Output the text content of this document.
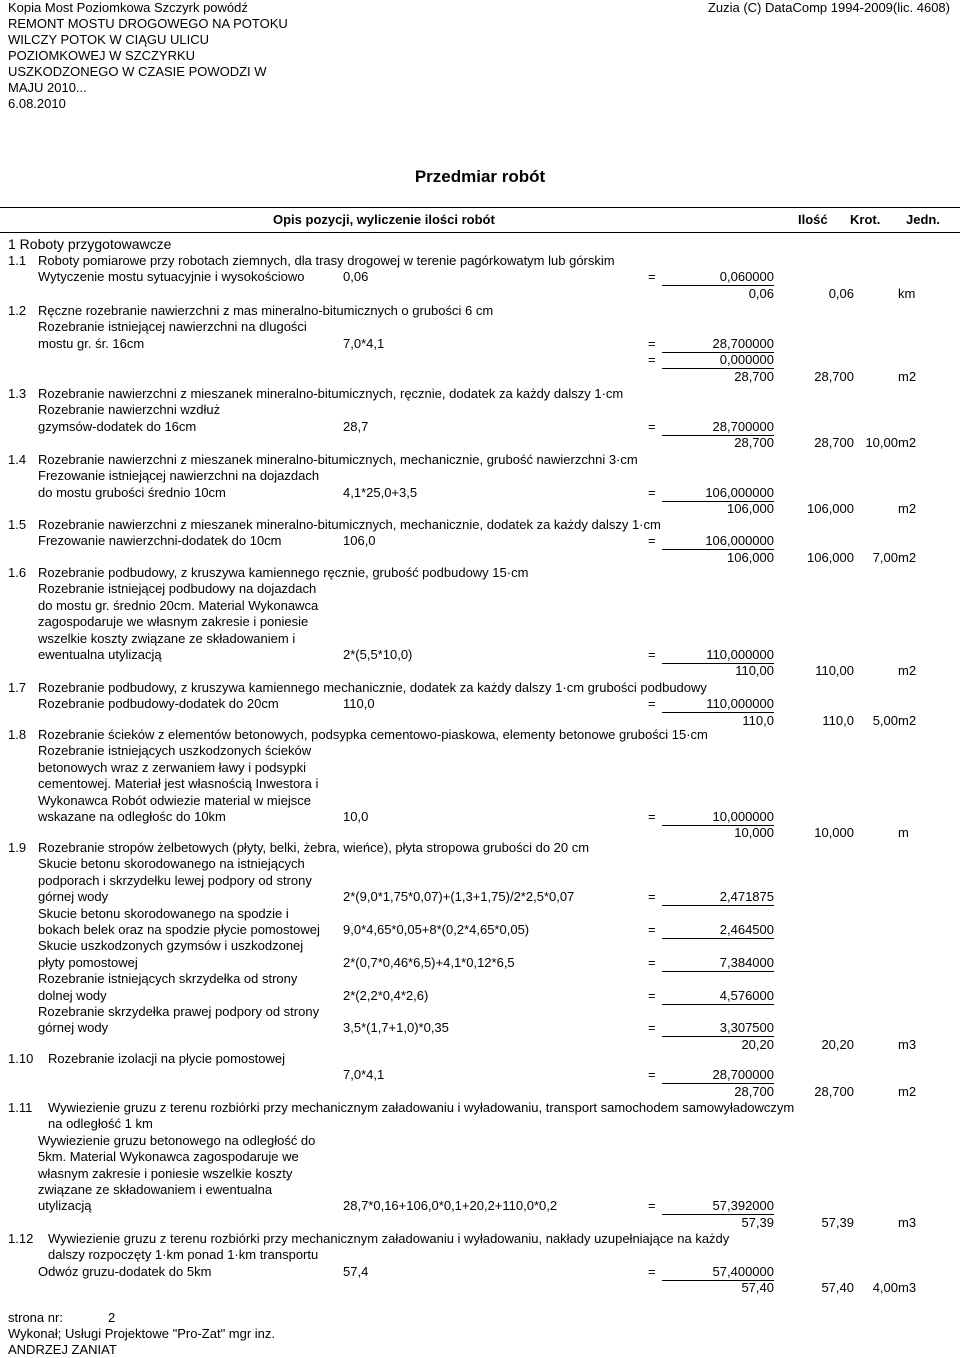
Kopia Most Poziomkowa Szczyrk powódź
REMONT MOSTU DROGOWEGO NA POTOKU
WILCZY POTOK W CIĄGU ULICU
POZIOMKOWEJ W SZCZYRKU
USZKODZONEGO W CZASIE POWODZI W
MAJU 2010...
6.08.2010
Zuzia (C) DataComp 1994-2009(lic. 4608)
Przedmiar robót
Opis pozycji, wyliczenie ilości robót	Ilość Krot. Jedn.
1 Roboty przygotowawcze
1.1 Roboty pomiarowe przy robotach ziemnych, dla trasy drogowej w terenie pagórkowatym lub górskim
Wytyczenie mostu sytuacyjnie i wysokościowo	0,06	=	0,060000
0,06	0,06	km
1.2 Ręczne rozebranie nawierzchni z mas mineralno-bitumicznych o grubości 6 cm
Rozebranie istniejącej nawierzchni na dlugości
mostu gr. śr. 16cm	7,0*4,1	=	28,700000
=	0,000000
28,700	28,700	m2
1.3 Rozebranie nawierzchni z mieszanek mineralno-bitumicznych, ręcznie, dodatek za każdy dalszy 1·cm
Rozebranie nawierzchni wzdłuż
gzymsów-dodatek do 16cm	28,7	=	28,700000
28,700	28,700 10,00 m2
1.4 Rozebranie nawierzchni z mieszanek mineralno-bitumicznych, mechanicznie, grubość nawierzchni 3·cm
Frezowanie istniejącej nawierzchni na dojazdach
do mostu grubości średnio 10cm	4,1*25,0+3,5	=	106,000000
106,000	106,000	m2
1.5 Rozebranie nawierzchni z mieszanek mineralno-bitumicznych, mechanicznie, dodatek za każdy dalszy 1·cm
Frezowanie nawierzchni-dodatek do 10cm	106,0	=	106,000000
106,000	106,000	7,00 m2
1.6 Rozebranie podbudowy, z kruszywa kamiennego ręcznie, grubość podbudowy 15·cm
Rozebranie istniejącej podbudowy na dojazdach
do mostu gr. średnio 20cm. Material Wykonawca
zagospodaruje we własnym zakresie i poniesie
wszelkie koszty związane ze składowaniem i
ewentualna utylizacją	2*(5,5*10,0)	=	110,000000
110,00	110,00	m2
1.7 Rozebranie podbudowy, z kruszywa kamiennego mechanicznie, dodatek za każdy dalszy 1·cm grubości podbudowy
Rozebranie podbudowy-dodatek do 20cm	110,0	=	110,000000
110,0	110,0	5,00 m2
1.8 Rozebranie ścieków z elementów betonowych, podsypka cementowo-piaskowa, elementy betonowe grubości 15·cm
Rozebranie istniejących uszkodzonych ścieków
betonowych wraz z zerwaniem ławy i podsypki
cementowej. Materiał jest własnością Inwestora i
Wykonawca Robót odwiezie material w miejsce
wskazane na odległośc do 10km	10,0	=	10,000000
10,000	10,000	m
1.9 Rozebranie stropów żelbetowych (płyty, belki, żebra, wieńce), płyta stropowa grubości do 20 cm
Skucie betonu skorodowanego na istniejących
podporach i skrzydełku lewej podpory od strony
górnej wody	2*(9,0*1,75*0,07)+(1,3+1,75)/2*2,5*0,07	=	2,471875
Skucie betonu skorodowanego na spodzie i
bokach belek oraz na spodzie płycie pomostowej 9,0*4,65*0,05+8*(0,2*4,65*0,05)	=	2,464500
Skucie uszkodzonych gzymsów i uszkodzonej
płyty pomostowej	2*(0,7*0,46*6,5)+4,1*0,12*6,5	=	7,384000
Rozebranie istniejących skrzydełka od strony
dolnej wody	2*(2,2*0,4*2,6)	=	4,576000
Rozebranie skrzydełka prawej podpory od strony
górnej wody	3,5*(1,7+1,0)*0,35	=	3,307500
20,20	20,20	m3
1.10 Rozebranie izolacji na płycie pomostowej
7,0*4,1	=	28,700000
28,700	28,700	m2
1.11 Wywiezienie gruzu z terenu rozbiórki przy mechanicznym załadowaniu i wyładowaniu, transport samochodem samowyładowczym
na odległość 1 km
Wywiezienie gruzu betonowego na odległość do
5km. Material Wykonawca zagospodaruje we
własnym zakresie i poniesie wszelkie koszty
związane ze składowaniem i ewentualna
utylizacją	28,7*0,16+106,0*0,1+20,2+110,0*0,2	=	57,392000
57,39	57,39	m3
1.12 Wywiezienie gruzu z terenu rozbiórki przy mechanicznym załadowaniu i wyładowaniu, nakłady uzupełniające na każdy
dalszy rozpoczęty 1·km ponad 1·km transportu
Odwóz gruzu-dodatek do 5km	57,4	=	57,400000
57,40	57,40	4,00 m3
strona nr:	2
Wykonał; Usługi Projektowe "Pro-Zat" mgr inz.
ANDRZEJ ZANIAT
